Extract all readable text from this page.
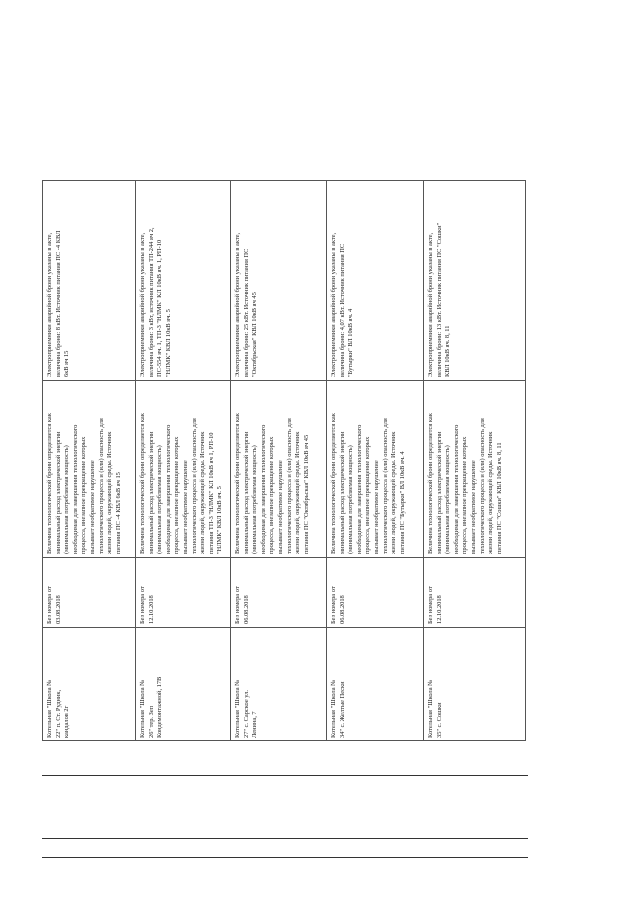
Котельная "Школа №
22" п. Ст. Рудник,
кандалов 2г
Без номера от
03.08.2018
Величина технологической брони определяется как
минимальный расход электрической энергии
(минимальная потребляемая мощность)
необходимая для завершения технологического
процесса, внезапное прекращение которых
вызывает необратимое нарушение
технологического процесса и (или) опасность для
жизни людей, окружающей среды. Источник
питания ПС -4 КВЛ 6кВ яч 15
Электроприемники аварийной брони указаны в акте,
величина брони: 8 кВт. Источник питания ПС -4 КВЛ
6кВ яч 15
Котельная "Школа №
26" тер. Зеп
Кондемонтажной, 17В
Без номера от
12.10.2018
Величина технологической брони определяется как
минимальный расход электрической энергии
(минимальная потребляемая мощность)
необходимая для завершения технологического
процесса, внезапное прекращение которых
вызывает необратимое нарушение
технологического процесса и (или) опасность для
жизни людей, окружающей среды. Источник
питания ТП-3 "НЛМК" КЛ 10кВ яч 1, РП-10
"НЛМК" КВЛ 10кВ яч. 5
Электроприемники аварийной брони указаны в акте,
величина брони: 3 кВт, источник питания ТП-244 яч 2,
ПС-554 яч. 1, ТП-3 "НЛМК" КЛ 10кВ яч. 1, РП-10
"НЛМК" КВЛ 10кВ яч. 5
Котельная "Школа №
27" с. Сарское ул.
Ленина, 7
Без номера от
06.08.2018
Величина технологической брони определяется как
минимальный расход электрической энергии
(минимальная потребляемая мощность)
необходимая для завершения технологического
процесса, внезапное прекращение которых
вызывает необратимое нарушение
технологического процесса и (или) опасность для
жизни людей, окружающей среды. Источник
питания ПС "Октябрьская" КВЛ 10кВ яч 45
Электроприемники аварийной брони указаны в акте,
величина брони: 25 кВт. Источник питания ПС
"Октябрьская" КВЛ 10кВ яч 45
Котельная "Школа №
34" с. Желтые Пески
Без номера от
06.08.2018
Величина технологической брони определяется как
минимальный расход электрической энергии
(минимальная потребляемая мощность)
необходимая для завершения технологического
процесса, внезапное прекращение которых
вызывает необратимое нарушение
технологического процесса и (или) опасность для
жизни людей, окружающей среды. Источник
питания ПС "Бутырки" ВЛ 10кВ яч. 4
Электроприемники аварийной брони указаны в акте,
величина брони: 4,07 кВт. Источник питания ПС
"Бутырки" ВЛ 10кВ яч. 4
Котельная "Школа №
35" с. Сошки
Без номера от
12.10.2018
Величина технологической брони определяется как
минимальный расход электрической энергии
(минимальная потребляемая мощность)
необходимая для завершения технологического
процесса, внезапное прекращение которых
вызывает необратимое нарушение
технологического процесса и (или) опасность для
жизни людей, окружающей среды. Источник
питания ПС "Сошки" КВЛ 10кВ яч. 8, 11
Электроприемники аварийной брони указаны в акте,
величина брони: 13 кВт. Источник питания ПС "Сошки"
КВЛ 10кВ яч. 8, 11
